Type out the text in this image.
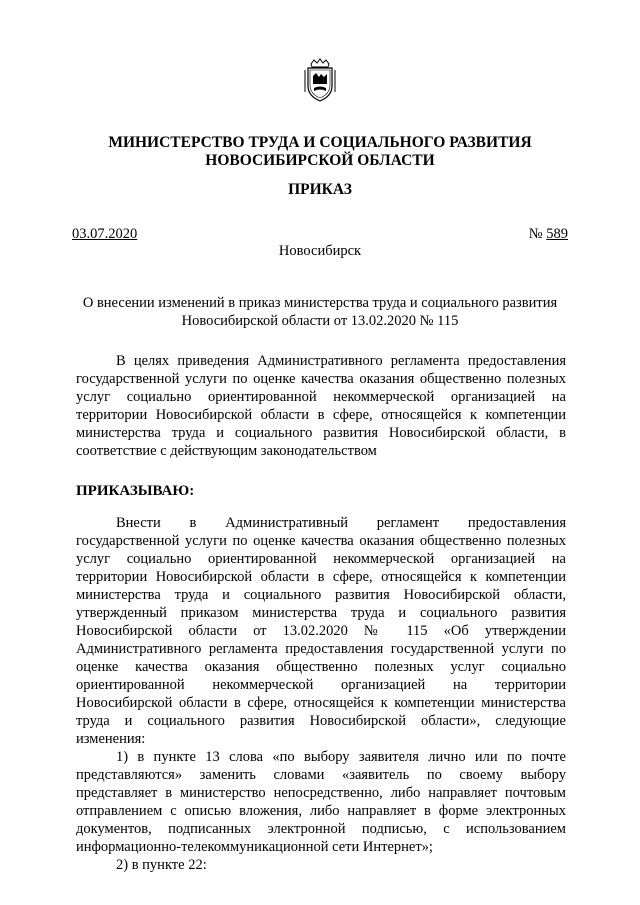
МИНИСТЕРСТВО ТРУДА И СОЦИАЛЬНОГО РАЗВИТИЯ
НОВОСИБИРСКОЙ ОБЛАСТИ
ПРИКАЗ
03.07.2020	№ 589
Новосибирск
О внесении изменений в приказ министерства труда и социального развития
Новосибирской области от 13.02.2020 № 115

В целях приведения Административного регламента предоставления государственной услуги по оценке качества оказания общественно полезных услуг социально ориентированной некоммерческой организацией на территории Новосибирской области в сфере, относящейся к компетенции министерства труда и социального развития Новосибирской области, в соответствие с действующим законодательством

ПРИКАЗЫВАЮ:

Внести в Административный регламент предоставления государственной услуги по оценке качества оказания общественно полезных услуг социально ориентированной некоммерческой организацией на территории Новосибирской области в сфере, относящейся к компетенции министерства труда и социального развития Новосибирской области, утвержденный приказом министерства труда и социального развития Новосибирской области от 13.02.2020 № 115 «Об утверждении Административного регламента предоставления государственной услуги по оценке качества оказания общественно полезных услуг социально ориентированной некоммерческой организацией на территории Новосибирской области в сфере, относящейся к компетенции министерства труда и социального развития Новосибирской области», следующие изменения:

1) в пункте 13 слова «по выбору заявителя лично или по почте представляются» заменить словами «заявитель по своему выбору представляет в министерство непосредственно, либо направляет почтовым отправлением с описью вложения, либо направляет в форме электронных документов, подписанных электронной подписью, с использованием информационно-телекоммуникационной сети Интернет»;

2) в пункте 22:
